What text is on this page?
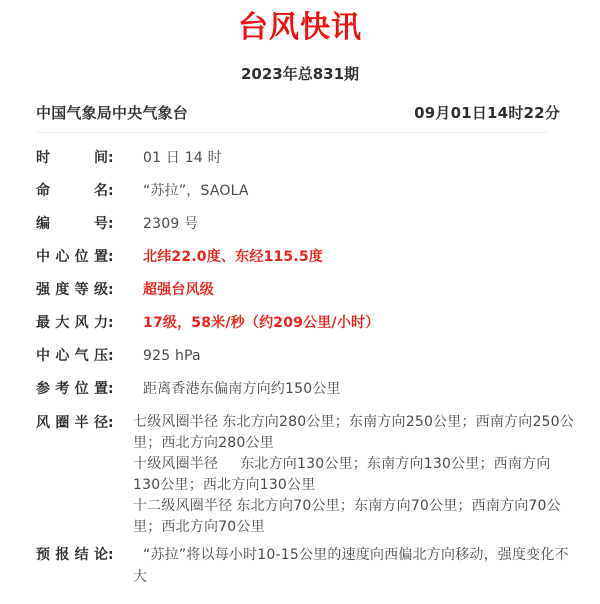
台风快讯
2023年总831期
中国气象局中央气象台	09月01日14时22分
时 间:	01 日 14 时
命 名:	“苏拉”，SAOLA
编 号:	2309 号
中心位置:	北纬22.0度、东经115.5度
强度等级:	超强台风级
最大风力:	17级，58米/秒（约209公里/小时）
中心气压:	925 hPa
参考位置:	距离香港东偏南方向约150公里
风圈半径:	七级风圈半径 东北方向280公里；东南方向250公里；西南方向250公里；西北方向280公里
十级风圈半径 东北方向130公里；东南方向130公里；西南方向130公里；西北方向130公里
十二级风圈半径 东北方向70公里；东南方向70公里；西南方向70公里；西北方向70公里
预报结论:	“苏拉”将以每小时10-15公里的速度向西偏北方向移动，强度变化不大
